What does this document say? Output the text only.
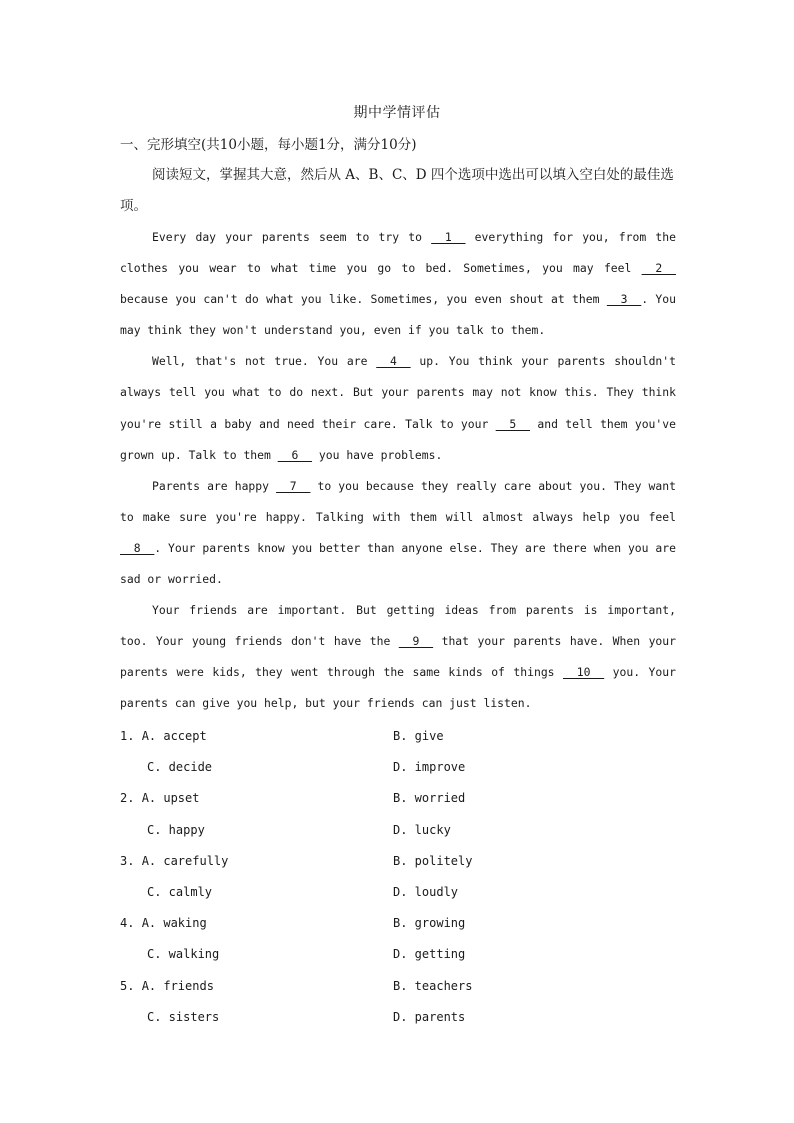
期中学情评估
一、完形填空(共10小题，每小题1分，满分10分)
阅读短文，掌握其大意，然后从 A、B、C、D 四个选项中选出可以填入空白处的最佳选项。

Every day your parents seem to try to __1__ everything for you, from the clothes you wear to what time you go to bed. Sometimes, you may feel __2__ because you can't do what you like. Sometimes, you even shout at them __3__. You may think they won't understand you, even if you talk to them.

Well, that's not true. You are __4__ up. You think your parents shouldn't always tell you what to do next. But your parents may not know this. They think you're still a baby and need their care. Talk to your __5__ and tell them you've grown up. Talk to them __6__ you have problems.

Parents are happy __7__ to you because they really care about you. They want to make sure you're happy. Talking with them will almost always help you feel __8__. Your parents know you better than anyone else. They are there when you are sad or worried.

Your friends are important. But getting ideas from parents is important, too. Your young friends don't have the __9__ that your parents have. When your parents were kids, they went through the same kinds of things __10__ you. Your parents can give you help, but your friends can just listen.

1. A. accept	B. give
C. decide	D. improve
2. A. upset	B. worried
C. happy	D. lucky
3. A. carefully	B. politely
C. calmly	D. loudly
4. A. waking	B. growing
C. walking	D. getting
5. A. friends	B. teachers
C. sisters	D. parents
